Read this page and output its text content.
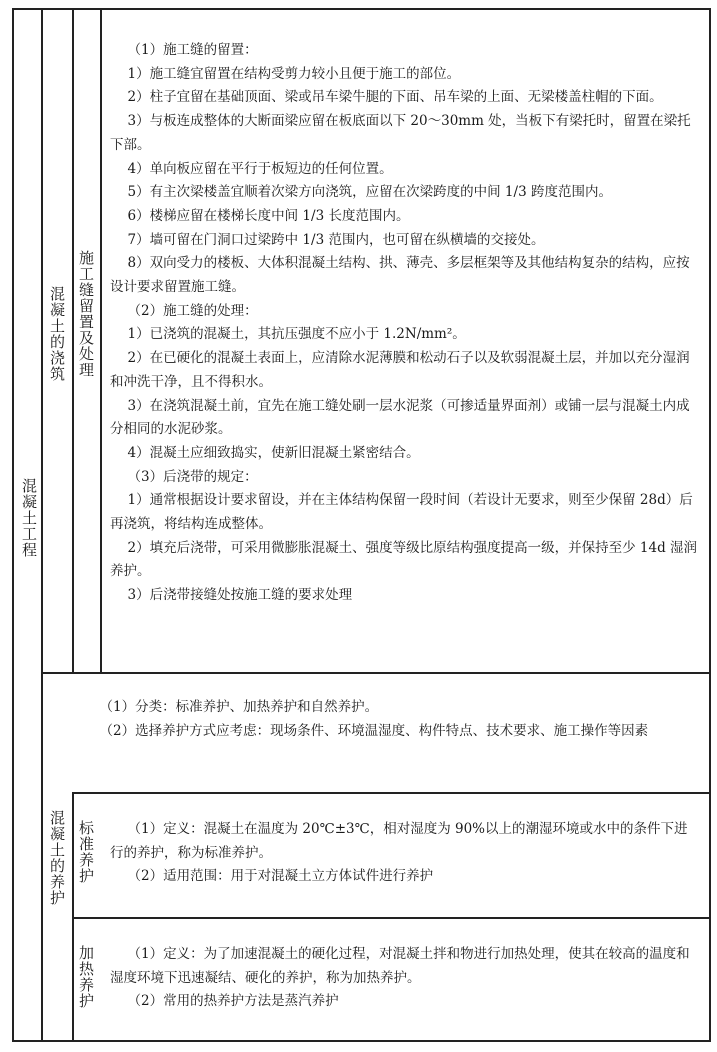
混凝土工程
混凝土的浇筑 施工缝留置及处理
混凝土的养护 标准养护
加热养护

（1）施工缝的留置：

1）施工缝宜留置在结构受剪力较小且便于施工的部位。

2）柱子宜留在基础顶面、梁或吊车梁牛腿的下面、吊车梁的上面、无梁楼盖柱帽的下面。

3）与板连成整体的大断面梁应留在板底面以下 20～30mm 处，当板下有梁托时，留置在梁托下部。

4）单向板应留在平行于板短边的任何位置。

5）有主次梁楼盖宜顺着次梁方向浇筑，应留在次梁跨度的中间 1/3 跨度范围内。

6）楼梯应留在楼梯长度中间 1/3 长度范围内。

7）墙可留在门洞口过梁跨中 1/3 范围内，也可留在纵横墙的交接处。

8）双向受力的楼板、大体积混凝土结构、拱、薄壳、多层框架等及其他结构复杂的结构，应按设计要求留置施工缝。

（2）施工缝的处理：

1）已浇筑的混凝土，其抗压强度不应小于 1.2N/mm²。

2）在已硬化的混凝土表面上，应清除水泥薄膜和松动石子以及软弱混凝土层，并加以充分湿润和冲洗干净，且不得积水。

3）在浇筑混凝土前，宜先在施工缝处刷一层水泥浆（可掺适量界面剂）或铺一层与混凝土内成分相同的水泥砂浆。

4）混凝土应细致捣实，使新旧混凝土紧密结合。

（3）后浇带的规定：

1）通常根据设计要求留设，并在主体结构保留一段时间（若设计无要求，则至少保留 28d）后再浇筑，将结构连成整体。

2）填充后浇带，可采用微膨胀混凝土、强度等级比原结构强度提高一级，并保持至少 14d 湿润养护。

3）后浇带接缝处按施工缝的要求处理

（1）分类：标准养护、加热养护和自然养护。

（2）选择养护方式应考虑：现场条件、环境温湿度、构件特点、技术要求、施工操作等因素

（1）定义：混凝土在温度为 20℃±3℃，相对湿度为 90%以上的潮湿环境或水中的条件下进行的养护，称为标准养护。

（2）适用范围：用于对混凝土立方体试件进行养护

（1）定义：为了加速混凝土的硬化过程，对混凝土拌和物进行加热处理，使其在较高的温度和湿度环境下迅速凝结、硬化的养护，称为加热养护。

（2）常用的热养护方法是蒸汽养护
